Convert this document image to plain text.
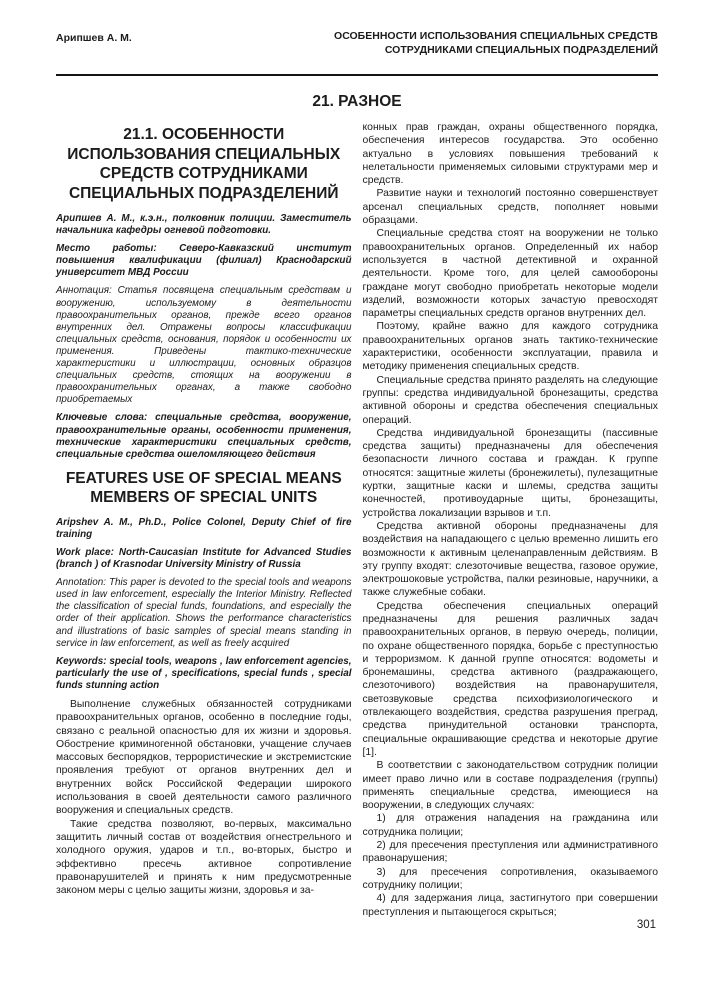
Арипшев А. М.	ОСОБЕННОСТИ ИСПОЛЬЗОВАНИЯ СПЕЦИАЛЬНЫХ СРЕДСТВ
СОТРУДНИКАМИ СПЕЦИАЛЬНЫХ ПОДРАЗДЕЛЕНИЙ
21. РАЗНОЕ
21.1. ОСОБЕННОСТИ ИСПОЛЬЗОВАНИЯ СПЕЦИАЛЬНЫХ СРЕДСТВ СОТРУДНИКАМИ СПЕЦИАЛЬНЫХ ПОДРАЗДЕЛЕНИЙ

Арипшев А. М., к.э.н., полковник полиции. Заместитель начальника кафедры огневой подготовки.

Место работы: Северо-Кавказский институт повышения квалификации (филиал) Краснодарский университет МВД России

Аннотация: Статья посвящена специальным средствам и вооружению, используемому в деятельности правоохранительных органов, прежде всего органов внутренних дел. Отражены вопросы классификации специальных средств, основания, порядок и особенности их применения. Приведены тактико-технические характеристики и иллюстрации, основных образцов специальных средств, стоящих на вооружении в правоохранительных органах, а также свободно приобретаемых

Ключевые слова: специальные средства, вооружение, правоохранительные органы, особенности применения, технические характеристики специальных средств, специальные средства ошеломляющего действия

FEATURES USE OF SPECIAL MEANS MEMBERS OF SPECIAL UNITS

Aripshev A. M., Ph.D., Police Colonel, Deputy Chief of fire training

Work place: North-Caucasian Institute for Advanced Studies (branch ) of Krasnodar University Ministry of Russia

Annotation: This paper is devoted to the special tools and weapons used in law enforcement, especially the Interior Ministry. Reflected the classification of special funds, foundations, and especially the order of their application. Shows the performance characteristics and illustrations of basic samples of special means standing in service in law enforcement, as well as freely acquired

Keywords: special tools, weapons , law enforcement agencies, particularly the use of , specifications, special funds , special funds stunning action

Выполнение служебных обязанностей сотрудниками правоохранительных органов, особенно в последние годы, связано с реальной опасностью для их жизни и здоровья. Обострение криминогенной обстановки, учащение случаев массовых беспорядков, террористические и экстремистские проявления требуют от органов внутренних дел и внутренних войск Российской Федерации широкого использования в своей деятельности самого различного вооружения и специальных средств.

Такие средства позволяют, во-первых, максимально защитить личный состав от воздействия огнестрельного и холодного оружия, ударов и т.п., во-вторых, быстро и эффективно пресечь активное сопротивление правонарушителей и принять к ним предусмотренные законом меры с целью защиты жизни, здоровья и за-

конных прав граждан, охраны общественного порядка, обеспечения интересов государства. Это особенно актуально в условиях повышения требований к нелетальности применяемых силовыми структурами мер и средств.

Развитие науки и технологий постоянно совершенствует арсенал специальных средств, пополняет новыми образцами.

Специальные средства стоят на вооружении не только правоохранительных органов. Определенный их набор используется в частной детективной и охранной деятельности. Кроме того, для целей самообороны граждане могут свободно приобретать некоторые модели изделий, возможности которых зачастую превосходят параметры специальных средств органов внутренних дел.

Поэтому, крайне важно для каждого сотрудника правоохранительных органов знать тактико-технические характеристики, особенности эксплуатации, правила и методику применения специальных средств.

Специальные средства принято разделять на следующие группы: средства индивидуальной бронезащиты, средства активной обороны и средства обеспечения специальных операций.

Средства индивидуальной бронезащиты (пассивные средства защиты) предназначены для обеспечения безопасности личного состава и граждан. К группе относятся: защитные жилеты (бронежилеты), пулезащитные куртки, защитные каски и шлемы, средства защиты конечностей, противоударные щиты, бронезащиты, устройства локализации взрывов и т.п.

Средства активной обороны предназначены для воздействия на нападающего с целью временно лишить его возможности к активным целенаправленным действиям. В эту группу входят: слезоточивые вещества, газовое оружие, электрошоковые устройства, палки резиновые, наручники, а также служебные собаки.

Средства обеспечения специальных операций предназначены для решения различных задач правоохранительных органов, в первую очередь, полиции, по охране общественного порядка, борьбе с преступностью и терроризмом. К данной группе относятся: водометы и бронемашины, средства активного (раздражающего, слезоточивого) воздействия на правонарушителя, светозвуковые средства психофизиологического и отвлекающего воздействия, средства разрушения преград, средства принудительной остановки транспорта, специальные окрашивающие средства и некоторые другие [1].

В соответствии с законодательством сотрудник полиции имеет право лично или в составе подразделения (группы) применять специальные средства, имеющиеся на вооружении, в следующих случаях:

1) для отражения нападения на гражданина или сотрудника полиции;

2) для пресечения преступления или административного правонарушения;

3) для пресечения сопротивления, оказываемого сотруднику полиции;

4) для задержания лица, застигнутого при совершении преступления и пытающегося скрыться;

301
